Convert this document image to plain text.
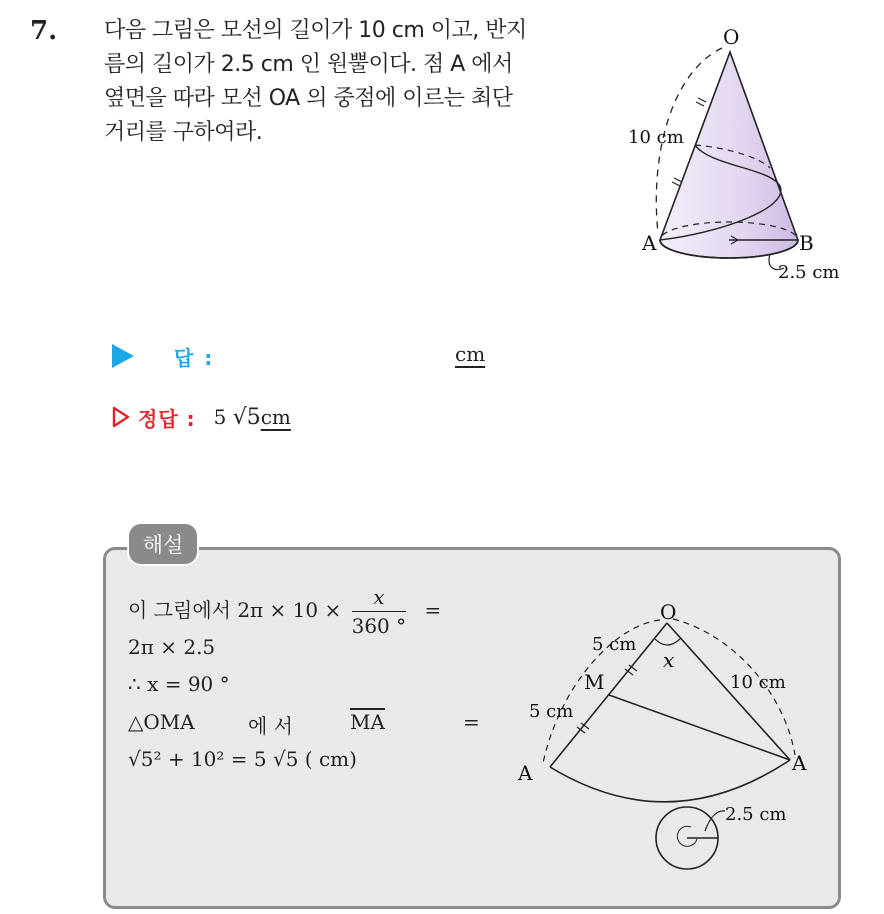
7. 다음 그림은 모선의 길이가 10 cm 이고, 반지
름의 길이가 2.5 cm 인 원뿔이다. 점 A 에서
옆면을 따라 모선 OA 의 중점에 이르는 최단
거리를 구하여라.
O
A	B
10 cm
2.5 cm
답 :	cm
정답 : 5 √5cm
해설
이 그림에서 $2\pi \times 10 \times \frac{x}{360 ^\circ}$ =
2π × 2.5
∴ x = 90 °
△OMA	에 서	$\overline{MA}$	=
√5² + 10² = 5 √5 ( cm)
O
M
A	A
x
5 cm
5 cm
10 cm
2.5 cm
